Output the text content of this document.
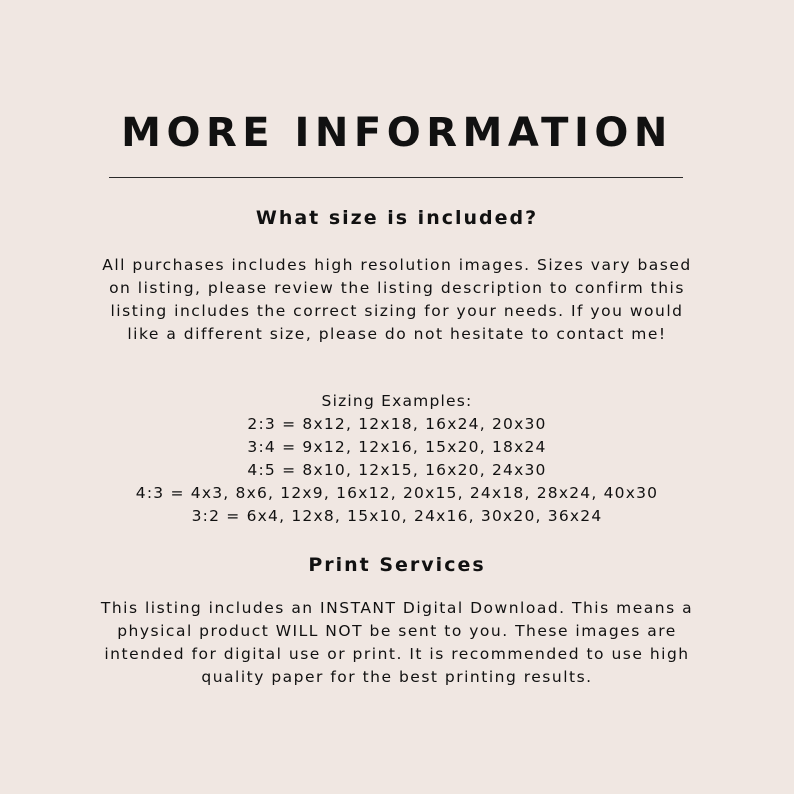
MORE INFORMATION
What size is included?

All purchases includes high resolution images. Sizes vary based on listing, please review the listing description to confirm this listing includes the correct sizing for your needs. If you would like a different size, please do not hesitate to contact me!

Sizing Examples:
2:3 = 8x12, 12x18, 16x24, 20x30
3:4 = 9x12, 12x16, 15x20, 18x24
4:5 = 8x10, 12x15, 16x20, 24x30
4:3 = 4x3, 8x6, 12x9, 16x12, 20x15, 24x18, 28x24, 40x30
3:2 = 6x4, 12x8, 15x10, 24x16, 30x20, 36x24
Print Services

This listing includes an INSTANT Digital Download. This means a physical product WILL NOT be sent to you. These images are intended for digital use or print. It is recommended to use high quality paper for the best printing results.
